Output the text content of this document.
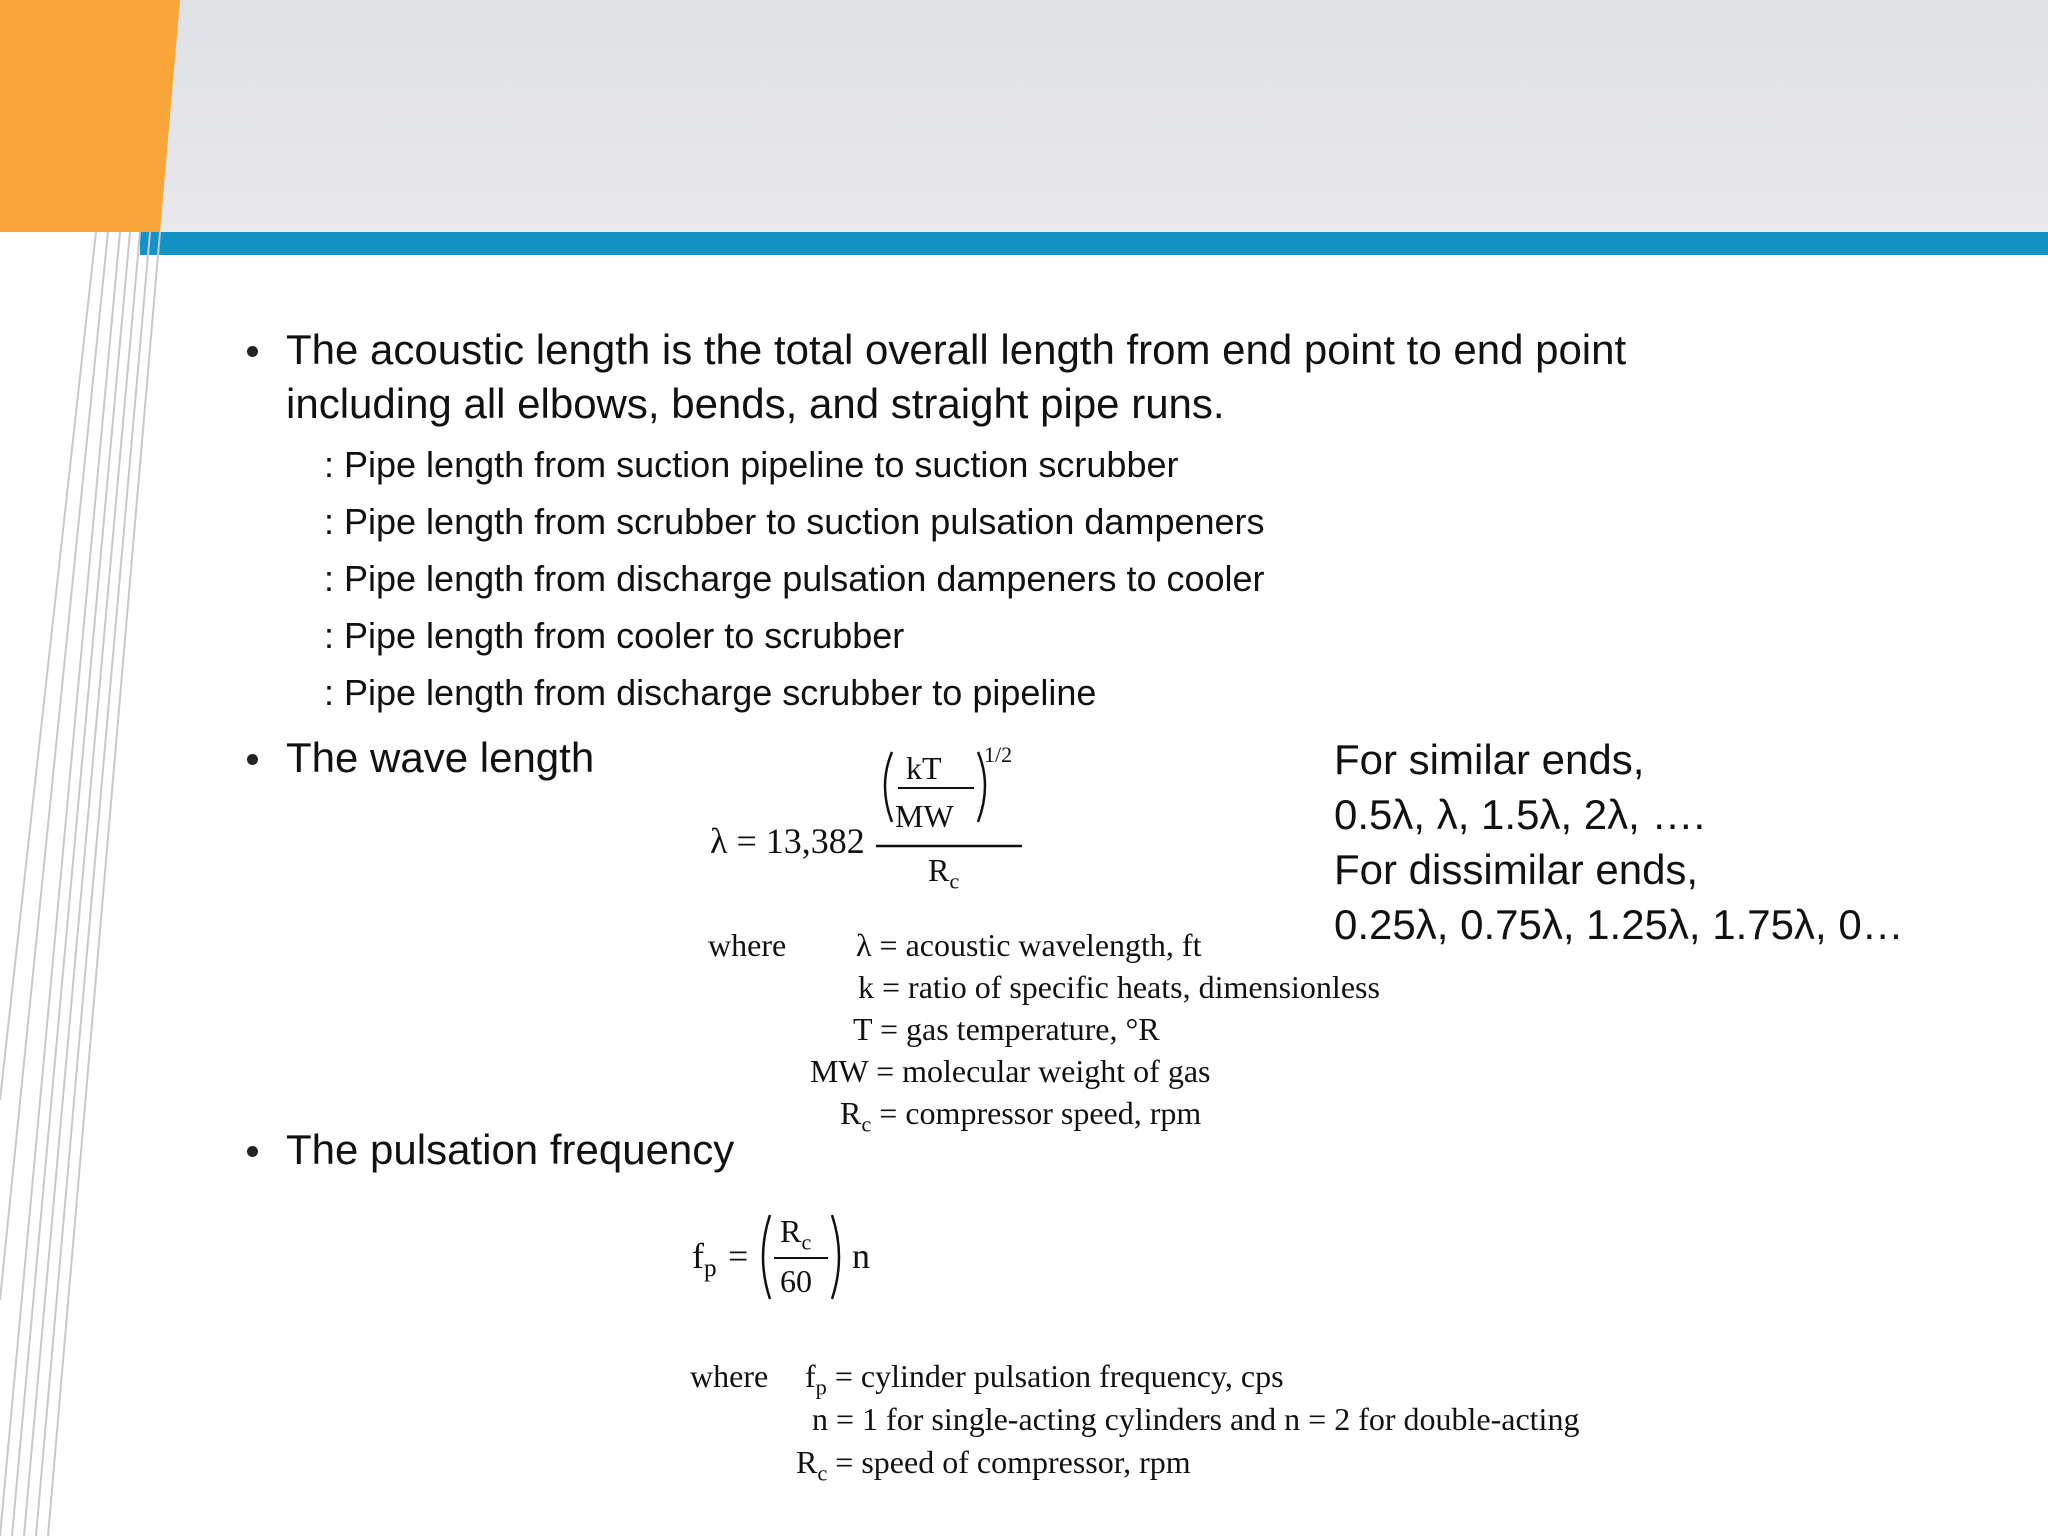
The acoustic length is the total overall length from end point to end point
including all elbows, bends, and straight pipe runs.
: Pipe length from suction pipeline to suction scrubber
: Pipe length from scrubber to suction pulsation dampeners
: Pipe length from discharge pulsation dampeners to cooler
: Pipe length from cooler to scrubber
: Pipe length from discharge scrubber to pipeline
The wave length
λ = 13,382
kT
MW
1/2
$R_c$
where λ = acoustic wavelength, ft
k = ratio of specific heats, dimensionless
T = gas temperature, °R
MW = molecular weight of gas
$R_c$ = compressor speed, rpm
For similar ends,
0.5λ, λ, 1.5λ, 2λ, ….
For dissimilar ends,
0.25λ, 0.75λ, 1.25λ, 1.75λ, 0…
The pulsation frequency
$f_p$ =
$R_c$
60
n
where $f_p$ = cylinder pulsation frequency, cps
n = 1 for single-acting cylinders and n = 2 for double-acting
$R_c$ = speed of compressor, rpm
